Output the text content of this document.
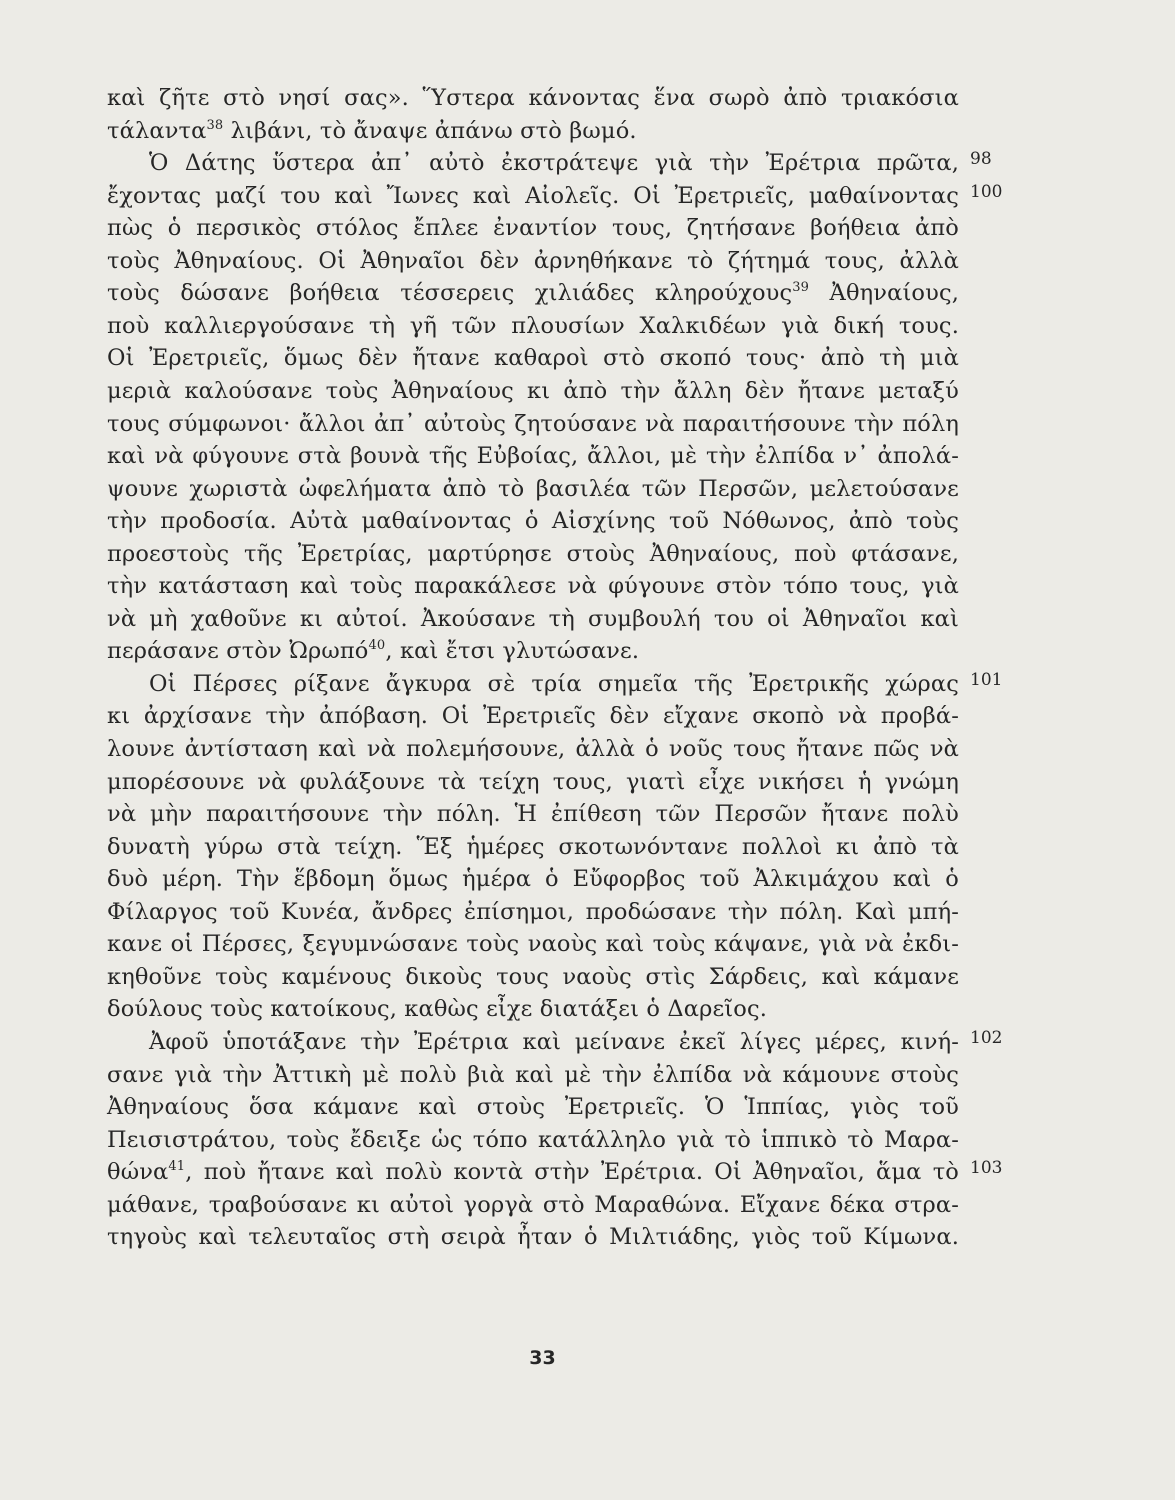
καὶ ζῆτε στὸ νησί σας». Ὕστερα κάνοντας ἕνα σωρὸ ἀπὸ τριακόσια
τάλαντα$^{38}$ λιβάνι, τὸ ἄναψε ἀπάνω στὸ βωμό.
Ὁ Δάτης ὕστερα ἀπ᾽ αὐτὸ ἐκστράτεψε γιὰ τὴν Ἐρέτρια πρῶτα,
ἔχοντας μαζί του καὶ Ἴωνες καὶ Αἰολεῖς. Οἱ Ἐρετριεῖς, μαθαίνοντας
πὼς ὁ περσικὸς στόλος ἔπλεε ἐναντίον τους, ζητήσανε βοήθεια ἀπὸ
τοὺς Ἀθηναίους. Οἱ Ἀθηναῖοι δὲν ἀρνηθήκανε τὸ ζήτημά τους, ἀλλὰ
τοὺς δώσανε βοήθεια τέσσερεις χιλιάδες κληρούχους$^{39}$ Ἀθηναίους,
ποὺ καλλιεργούσανε τὴ γῆ τῶν πλουσίων Χαλκιδέων γιὰ δική τους.
Οἱ Ἐρετριεῖς, ὅμως δὲν ἤτανε καθαροὶ στὸ σκοπό τους· ἀπὸ τὴ μιὰ
μεριὰ καλούσανε τοὺς Ἀθηναίους κι ἀπὸ τὴν ἄλλη δὲν ἤτανε μεταξύ
τους σύμφωνοι· ἄλλοι ἀπ᾽ αὐτοὺς ζητούσανε νὰ παραιτήσουνε τὴν πόλη
καὶ νὰ φύγουνε στὰ βουνὰ τῆς Εὐβοίας, ἄλλοι, μὲ τὴν ἐλπίδα ν᾽ ἀπολά-
ψουνε χωριστὰ ὠφελήματα ἀπὸ τὸ βασιλέα τῶν Περσῶν, μελετούσανε
τὴν προδοσία. Αὐτὰ μαθαίνοντας ὁ Αἰσχίνης τοῦ Νόθωνος, ἀπὸ τοὺς
προεστοὺς τῆς Ἐρετρίας, μαρτύρησε στοὺς Ἀθηναίους, ποὺ φτάσανε,
τὴν κατάσταση καὶ τοὺς παρακάλεσε νὰ φύγουνε στὸν τόπο τους, γιὰ
νὰ μὴ χαθοῦνε κι αὐτοί. Ἀκούσανε τὴ συμβουλή του οἱ Ἀθηναῖοι καὶ
περάσανε στὸν Ὠρωπό$^{40}$, καὶ ἔτσι γλυτώσανε.
Οἱ Πέρσες ρίξανε ἄγκυρα σὲ τρία σημεῖα τῆς Ἐρετρικῆς χώρας
κι ἀρχίσανε τὴν ἀπόβαση. Οἱ Ἐρετριεῖς δὲν εἴχανε σκοπὸ νὰ προβά-
λουνε ἀντίσταση καὶ νὰ πολεμήσουνε, ἀλλὰ ὁ νοῦς τους ἤτανε πῶς νὰ
μπορέσουνε νὰ φυλάξουνε τὰ τείχη τους, γιατὶ εἶχε νικήσει ἡ γνώμη
νὰ μὴν παραιτήσουνε τὴν πόλη. Ἡ ἐπίθεση τῶν Περσῶν ἤτανε πολὺ
δυνατὴ γύρω στὰ τείχη. Ἕξ ἡμέρες σκοτωνόντανε πολλοὶ κι ἀπὸ τὰ
δυὸ μέρη. Τὴν ἕβδομη ὅμως ἡμέρα ὁ Εὔφορβος τοῦ Ἀλκιμάχου καὶ ὁ
Φίλαργος τοῦ Κυνέα, ἄνδρες ἐπίσημοι, προδώσανε τὴν πόλη. Καὶ μπή-
κανε οἱ Πέρσες, ξεγυμνώσανε τοὺς ναοὺς καὶ τοὺς κάψανε, γιὰ νὰ ἐκδι-
κηθοῦνε τοὺς καμένους δικοὺς τους ναοὺς στὶς Σάρδεις, καὶ κάμανε
δούλους τοὺς κατοίκους, καθὼς εἶχε διατάξει ὁ Δαρεῖος.
Ἀφοῦ ὑποτάξανε τὴν Ἐρέτρια καὶ μείνανε ἐκεῖ λίγες μέρες, κινή-
σανε γιὰ τὴν Ἀττικὴ μὲ πολὺ βιὰ καὶ μὲ τὴν ἐλπίδα νὰ κάμουνε στοὺς
Ἀθηναίους ὅσα κάμανε καὶ στοὺς Ἐρετριεῖς. Ὁ Ἱππίας, γιὸς τοῦ
Πεισιστράτου, τοὺς ἔδειξε ὡς τόπο κατάλληλο γιὰ τὸ ἱππικὸ τὸ Μαρα-
θώνα$^{41}$, ποὺ ἤτανε καὶ πολὺ κοντὰ στὴν Ἐρέτρια. Οἱ Ἀθηναῖοι, ἅμα τὸ
μάθανε, τραβούσανε κι αὐτοὶ γοργὰ στὸ Μαραθώνα. Εἴχανε δέκα στρα-
τηγοὺς καὶ τελευταῖος στὴ σειρὰ ἦταν ὁ Μιλτιάδης, γιὸς τοῦ Κίμωνα.
98
100
101
102
103
33
